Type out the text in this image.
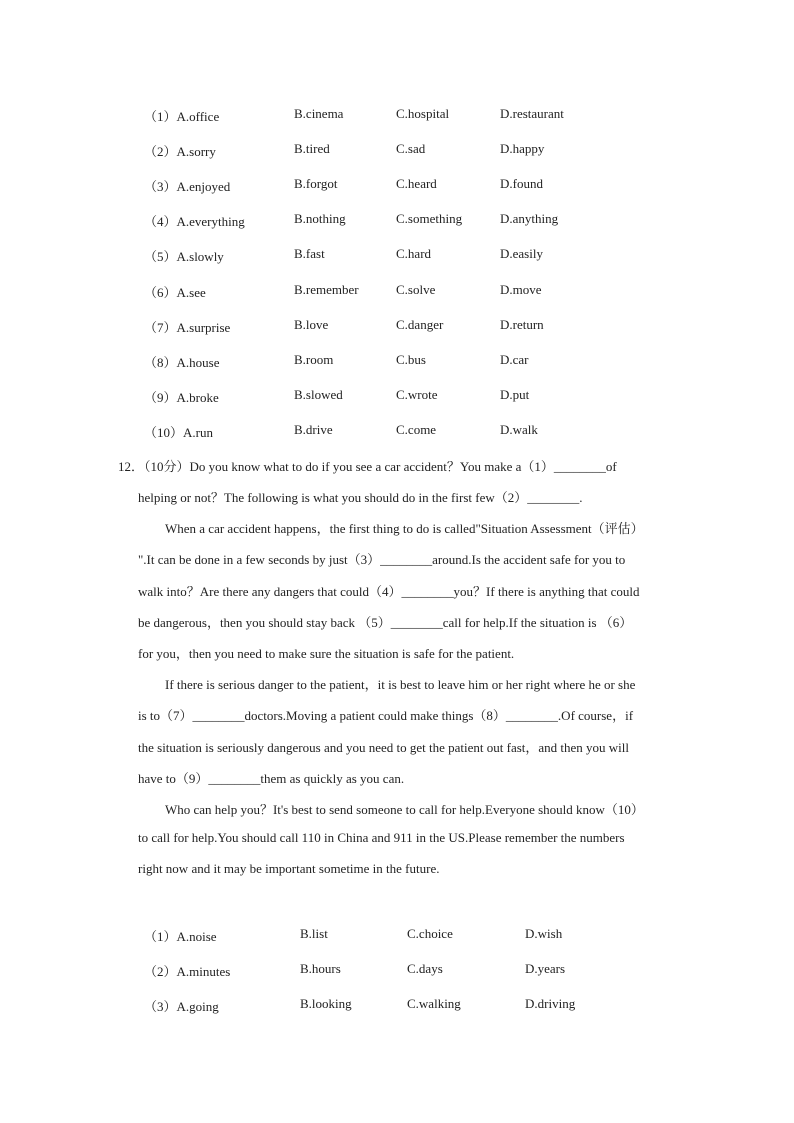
（1）A.office	B.cinema	C.hospital	D.restaurant
（2）A.sorry	B.tired	C.sad	D.happy
（3）A.enjoyed	B.forgot	C.heard	D.found
（4）A.everything	B.nothing	C.something	D.anything
（5）A.slowly	B.fast	C.hard	D.easily
（6）A.see	B.remember	C.solve	D.move
（7）A.surprise	B.love	C.danger	D.return
（8）A.house	B.room	C.bus	D.car
（9）A.broke	B.slowed	C.wrote	D.put
（10）A.run	B.drive	C.come	D.walk
12．（10分）Do you know what to do if you see a car accident？You make a（1）________of
helping or not？The following is what you should do in the first few（2）________.
When a car accident happens，the first thing to do is called"Situation Assessment（评估）
".It can be done in a few seconds by just（3）________around.Is the accident safe for you to
walk into？Are there any dangers that could（4）________you？If there is anything that could
be dangerous，then you should stay back （5）________call for help.If the situation is （6）
for you，then you need to make sure the situation is safe for the patient.
If there is serious danger to the patient，it is best to leave him or her right where he or she
is to（7）________doctors.Moving a patient could make things（8）________.Of course，if
the situation is seriously dangerous and you need to get the patient out fast，and then you will
have to（9）________them as quickly as you can.
Who can help you？It's best to send someone to call for help.Everyone should know（10）
to call for help.You should call 110 in China and 911 in the US.Please remember the numbers
right now and it may be important sometime in the future.
（1）A.noise	B.list	C.choice	D.wish
（2）A.minutes	B.hours	C.days	D.years
（3）A.going	B.looking	C.walking	D.driving
